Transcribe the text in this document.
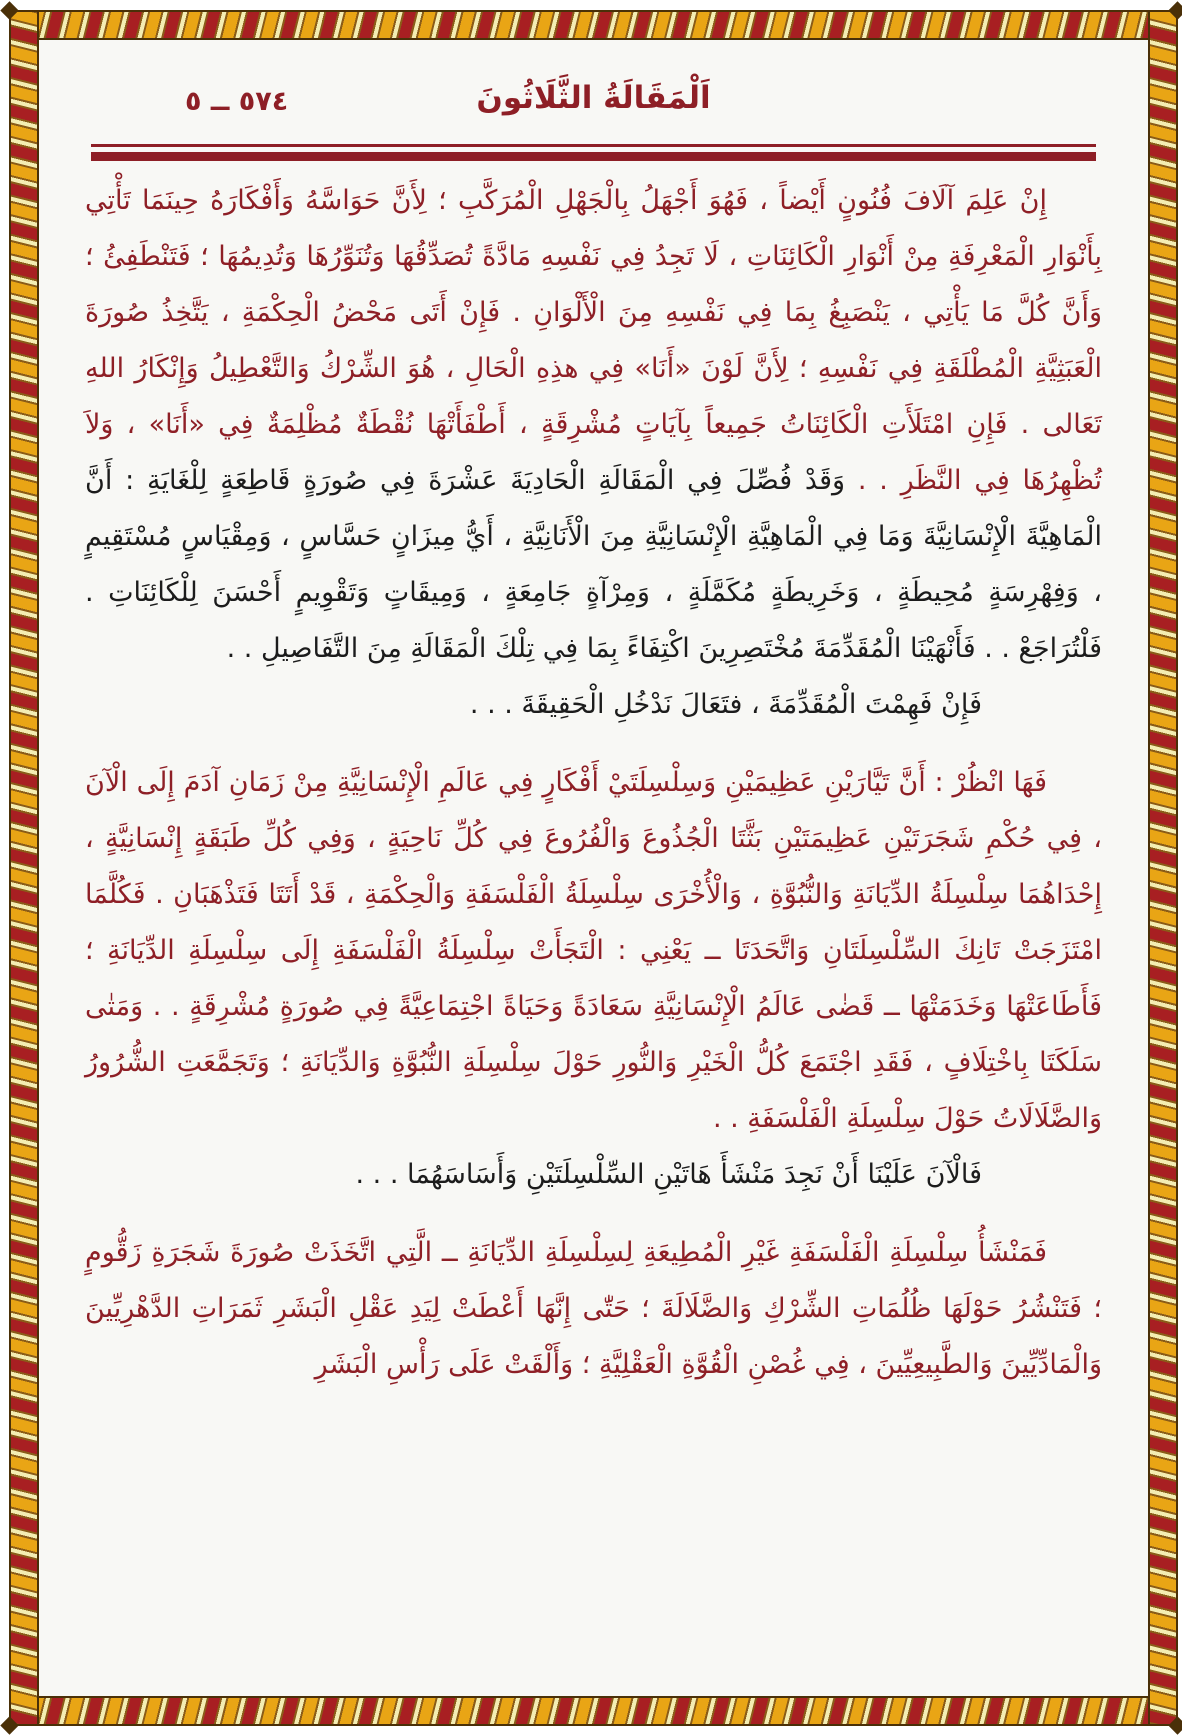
اَلْمَقَالَةُ الثَّلَاثُونَ
٥٧٤ ــ ٥

إِنْ عَلِمَ آلَافَ فُنُونٍ أَيْضاً ، فَهُوَ أَجْهَلُ بِالْجَهْلِ الْمُرَكَّبِ ؛ لِأَنَّ حَوَاسَّهُ وَأَفْكَارَهُ حِينَمَا تَأْتِي بِأَنْوَارِ الْمَعْرِفَةِ مِنْ أَنْوَارِ الْكَائِنَاتِ ، لَا تَجِدُ فِي نَفْسِهِ مَادَّةً تُصَدِّقُهَا وَتُنَوِّرُهَا وَتُدِيمُهَا ؛ فَتَنْطَفِئُ ؛ وَأَنَّ كُلَّ مَا يَأْتِي ، يَنْصَبِغُ بِمَا فِي نَفْسِهِ مِنَ الْأَلْوَانِ . فَإِنْ أَتَى مَحْضُ الْحِكْمَةِ ، يَتَّخِذُ صُورَةَ الْعَبَثِيَّةِ الْمُطْلَقَةِ فِي نَفْسِهِ ؛ لِأَنَّ لَوْنَ «أَنَا» فِي هذِهِ الْحَالِ ، هُوَ الشِّرْكُ وَالتَّعْطِيلُ وَإِنْكَارُ اللهِ تَعَالى . فَإِنِ امْتَلَأَتِ الْكَائِنَاتُ جَمِيعاً بِآيَاتٍ مُشْرِقَةٍ ، أَطْفَأَتْهَا نُقْطَةٌ مُظْلِمَةٌ فِي «أَنَا» ، وَلاَ تُظْهِرُهَا فِي النَّظَرِ . . وَقَدْ فُصِّلَ فِي الْمَقَالَةِ الْحَادِيَةَ عَشْرَةَ فِي صُورَةٍ قَاطِعَةٍ لِلْغَايَةِ : أَنَّ الْمَاهِيَّةَ الْإِنْسَانِيَّةَ وَمَا فِي الْمَاهِيَّةِ الْإِنْسَانِيَّةِ مِنَ الْأَنَانِيَّةِ ، أَيُّ مِيزَانٍ حَسَّاسٍ ، وَمِقْيَاسٍ مُسْتَقِيمٍ ، وَفِهْرِسَةٍ مُحِيطَةٍ ، وَخَرِيطَةٍ مُكَمَّلَةٍ ، وَمِرْآةٍ جَامِعَةٍ ، وَمِيقَاتٍ وَتَقْوِيمٍ أَحْسَنَ لِلْكَائِنَاتِ . فَلْتُرَاجَعْ . . فَأَنْهَيْنَا الْمُقَدِّمَةَ مُخْتَصِرِينَ اكْتِفَاءً بِمَا فِي تِلْكَ الْمَقَالَةِ مِنَ التَّفَاصِيلِ . .

فَإِنْ فَهِمْتَ الْمُقَدِّمَةَ ، فتَعَالَ نَدْخُلِ الْحَقِيقَةَ . . .

فَهَا انْظُرْ : أَنَّ تَيَّارَيْنِ عَظِيمَيْنِ وَسِلْسِلَتَيْ أَفْكَارٍ فِي عَالَمِ الْإِنْسَانِيَّةِ مِنْ زَمَانِ آدَمَ إِلَى الْآنَ ، فِي حُكْمِ شَجَرَتَيْنِ عَظِيمَتَيْنِ بَثَّتَا الْجُذُوعَ وَالْفُرُوعَ فِي كُلِّ نَاحِيَةٍ ، وَفِي كُلِّ طَبَقَةٍ إِنْسَانِيَّةٍ ، إِحْدَاهُمَا سِلْسِلَةُ الدِّيَانَةِ وَالنُّبُوَّةِ ، وَالْأُخْرَى سِلْسِلَةُ الْفَلْسَفَةِ وَالْحِكْمَةِ ، قَدْ أَتَتَا فَتَذْهَبَانِ . فَكُلَّمَا امْتَزَجَتْ تَانِكَ السِّلْسِلَتَانِ وَاتَّحَدَتَا ــ يَعْنِي : الْتَجَأَتْ سِلْسِلَةُ الْفَلْسَفَةِ إِلَى سِلْسِلَةِ الدِّيَانَةِ ؛ فَأَطَاعَتْهَا وَخَدَمَتْهَا ــ قَضٰى عَالَمُ الْإِنْسَانِيَّةِ سَعَادَةً وَحَيَاةً اجْتِمَاعِيَّةً فِي صُورَةٍ مُشْرِقَةٍ . . وَمَتٰى سَلَكَتَا بِاخْتِلَافٍ ، فَقَدِ اجْتَمَعَ كُلُّ الْخَيْرِ وَالنُّورِ حَوْلَ سِلْسِلَةِ النُّبُوَّةِ وَالدِّيَانَةِ ؛ وَتَجَمَّعَتِ الشُّرُورُ وَالضَّلَالَاتُ حَوْلَ سِلْسِلَةِ الْفَلْسَفَةِ . .

فَالْآنَ عَلَيْنَا أَنْ نَجِدَ مَنْشَأَ هَاتَيْنِ السِّلْسِلَتَيْنِ وَأَسَاسَهُمَا . . .

فَمَنْشَأُ سِلْسِلَةِ الْفَلْسَفَةِ غَيْرِ الْمُطِيعَةِ لِسِلْسِلَةِ الدِّيَانَةِ ــ الَّتِي اتَّخَذَتْ صُورَةَ شَجَرَةِ زَقُّومٍ ؛ فَتَنْشُرُ حَوْلَهَا ظُلُمَاتِ الشِّرْكِ وَالضَّلَالَةَ ؛ حَتّٰى إِنَّهَا أَعْطَتْ لِيَدِ عَقْلِ الْبَشَرِ ثَمَرَاتِ الدَّهْرِيِّينَ وَالْمَادِّيِّينَ وَالطَّبِيعِيِّينَ ، فِي غُصْنِ الْقُوَّةِ الْعَقْلِيَّةِ ؛ وَأَلْقَتْ عَلَى رَأْسِ الْبَشَرِ
